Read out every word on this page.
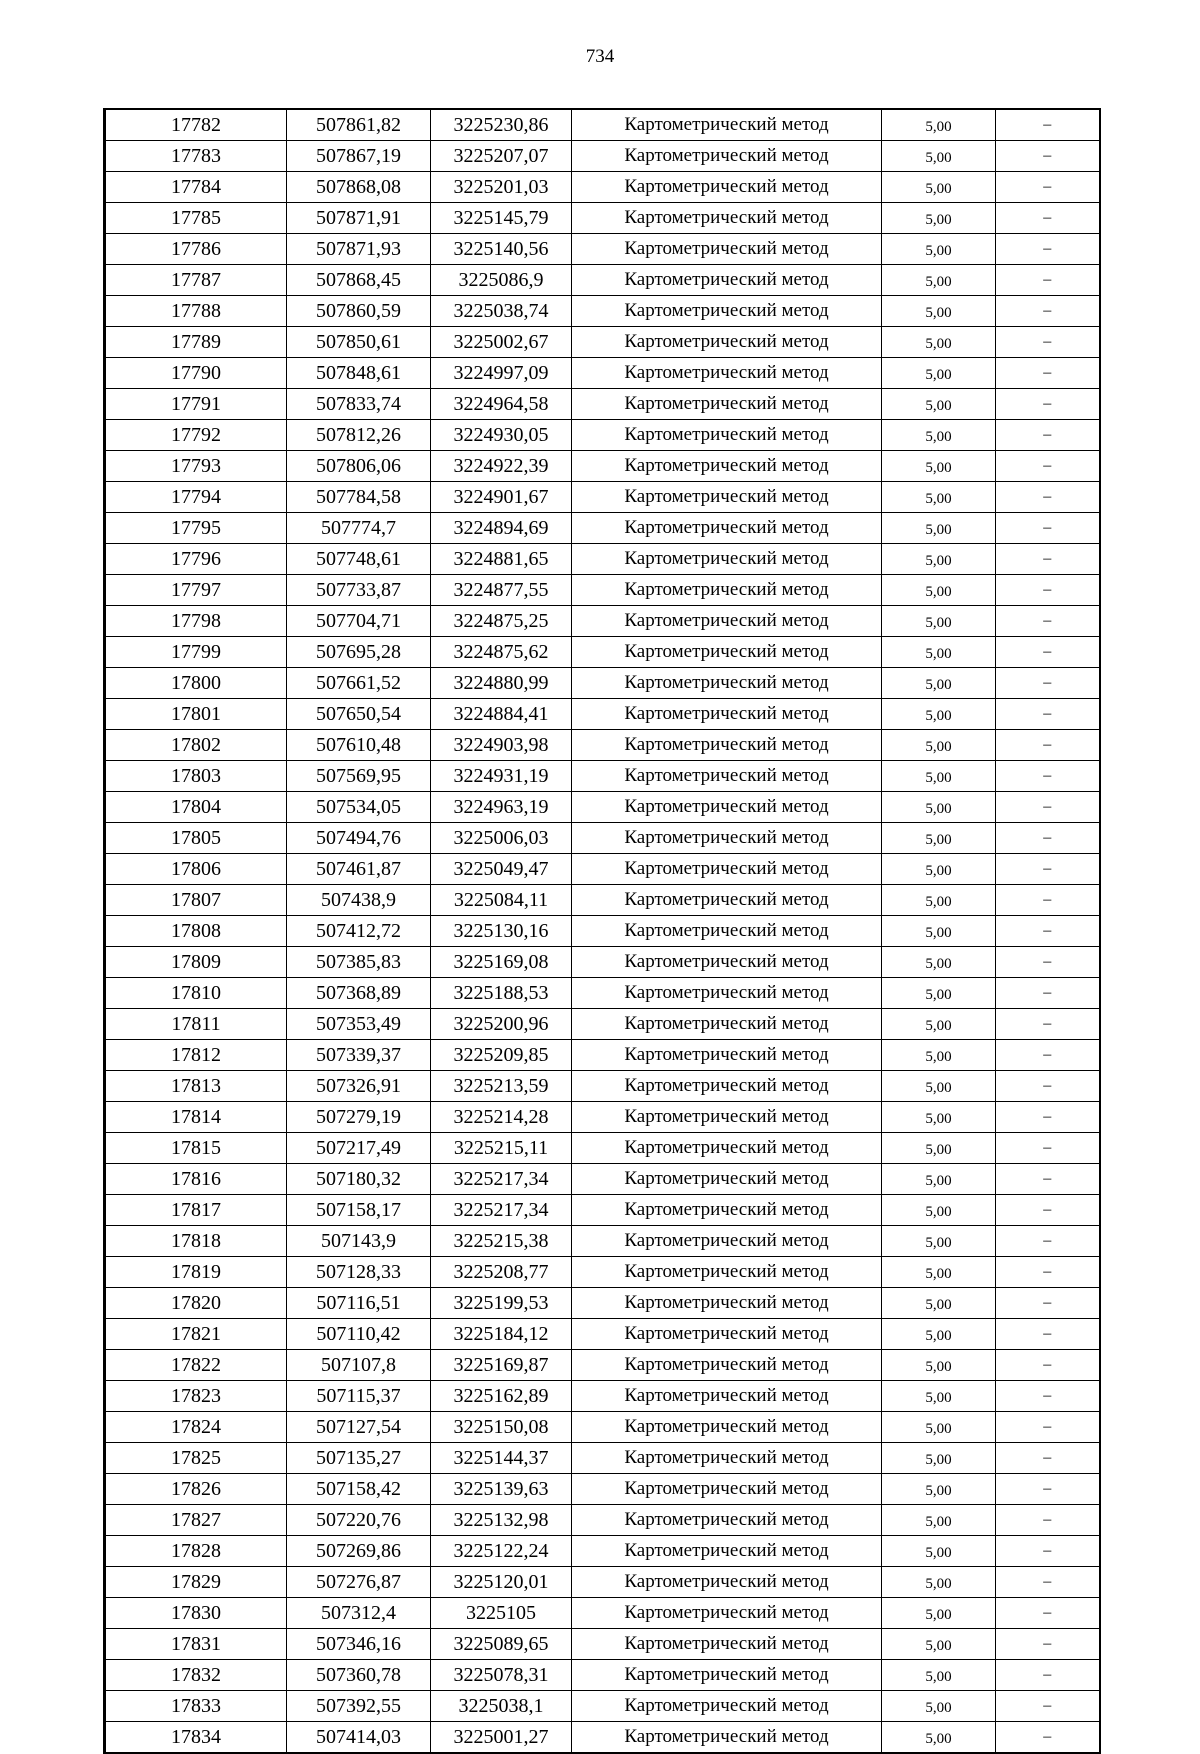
734
17782	507861,82	3225230,86	Картометрический метод	5,00	–
17783	507867,19	3225207,07	Картометрический метод	5,00	–
17784	507868,08	3225201,03	Картометрический метод	5,00	–
17785	507871,91	3225145,79	Картометрический метод	5,00	–
17786	507871,93	3225140,56	Картометрический метод	5,00	–
17787	507868,45	3225086,9	Картометрический метод	5,00	–
17788	507860,59	3225038,74	Картометрический метод	5,00	–
17789	507850,61	3225002,67	Картометрический метод	5,00	–
17790	507848,61	3224997,09	Картометрический метод	5,00	–
17791	507833,74	3224964,58	Картометрический метод	5,00	–
17792	507812,26	3224930,05	Картометрический метод	5,00	–
17793	507806,06	3224922,39	Картометрический метод	5,00	–
17794	507784,58	3224901,67	Картометрический метод	5,00	–
17795	507774,7	3224894,69	Картометрический метод	5,00	–
17796	507748,61	3224881,65	Картометрический метод	5,00	–
17797	507733,87	3224877,55	Картометрический метод	5,00	–
17798	507704,71	3224875,25	Картометрический метод	5,00	–
17799	507695,28	3224875,62	Картометрический метод	5,00	–
17800	507661,52	3224880,99	Картометрический метод	5,00	–
17801	507650,54	3224884,41	Картометрический метод	5,00	–
17802	507610,48	3224903,98	Картометрический метод	5,00	–
17803	507569,95	3224931,19	Картометрический метод	5,00	–
17804	507534,05	3224963,19	Картометрический метод	5,00	–
17805	507494,76	3225006,03	Картометрический метод	5,00	–
17806	507461,87	3225049,47	Картометрический метод	5,00	–
17807	507438,9	3225084,11	Картометрический метод	5,00	–
17808	507412,72	3225130,16	Картометрический метод	5,00	–
17809	507385,83	3225169,08	Картометрический метод	5,00	–
17810	507368,89	3225188,53	Картометрический метод	5,00	–
17811	507353,49	3225200,96	Картометрический метод	5,00	–
17812	507339,37	3225209,85	Картометрический метод	5,00	–
17813	507326,91	3225213,59	Картометрический метод	5,00	–
17814	507279,19	3225214,28	Картометрический метод	5,00	–
17815	507217,49	3225215,11	Картометрический метод	5,00	–
17816	507180,32	3225217,34	Картометрический метод	5,00	–
17817	507158,17	3225217,34	Картометрический метод	5,00	–
17818	507143,9	3225215,38	Картометрический метод	5,00	–
17819	507128,33	3225208,77	Картометрический метод	5,00	–
17820	507116,51	3225199,53	Картометрический метод	5,00	–
17821	507110,42	3225184,12	Картометрический метод	5,00	–
17822	507107,8	3225169,87	Картометрический метод	5,00	–
17823	507115,37	3225162,89	Картометрический метод	5,00	–
17824	507127,54	3225150,08	Картометрический метод	5,00	–
17825	507135,27	3225144,37	Картометрический метод	5,00	–
17826	507158,42	3225139,63	Картометрический метод	5,00	–
17827	507220,76	3225132,98	Картометрический метод	5,00	–
17828	507269,86	3225122,24	Картометрический метод	5,00	–
17829	507276,87	3225120,01	Картометрический метод	5,00	–
17830	507312,4	3225105	Картометрический метод	5,00	–
17831	507346,16	3225089,65	Картометрический метод	5,00	–
17832	507360,78	3225078,31	Картометрический метод	5,00	–
17833	507392,55	3225038,1	Картометрический метод	5,00	–
17834	507414,03	3225001,27	Картометрический метод	5,00	–
